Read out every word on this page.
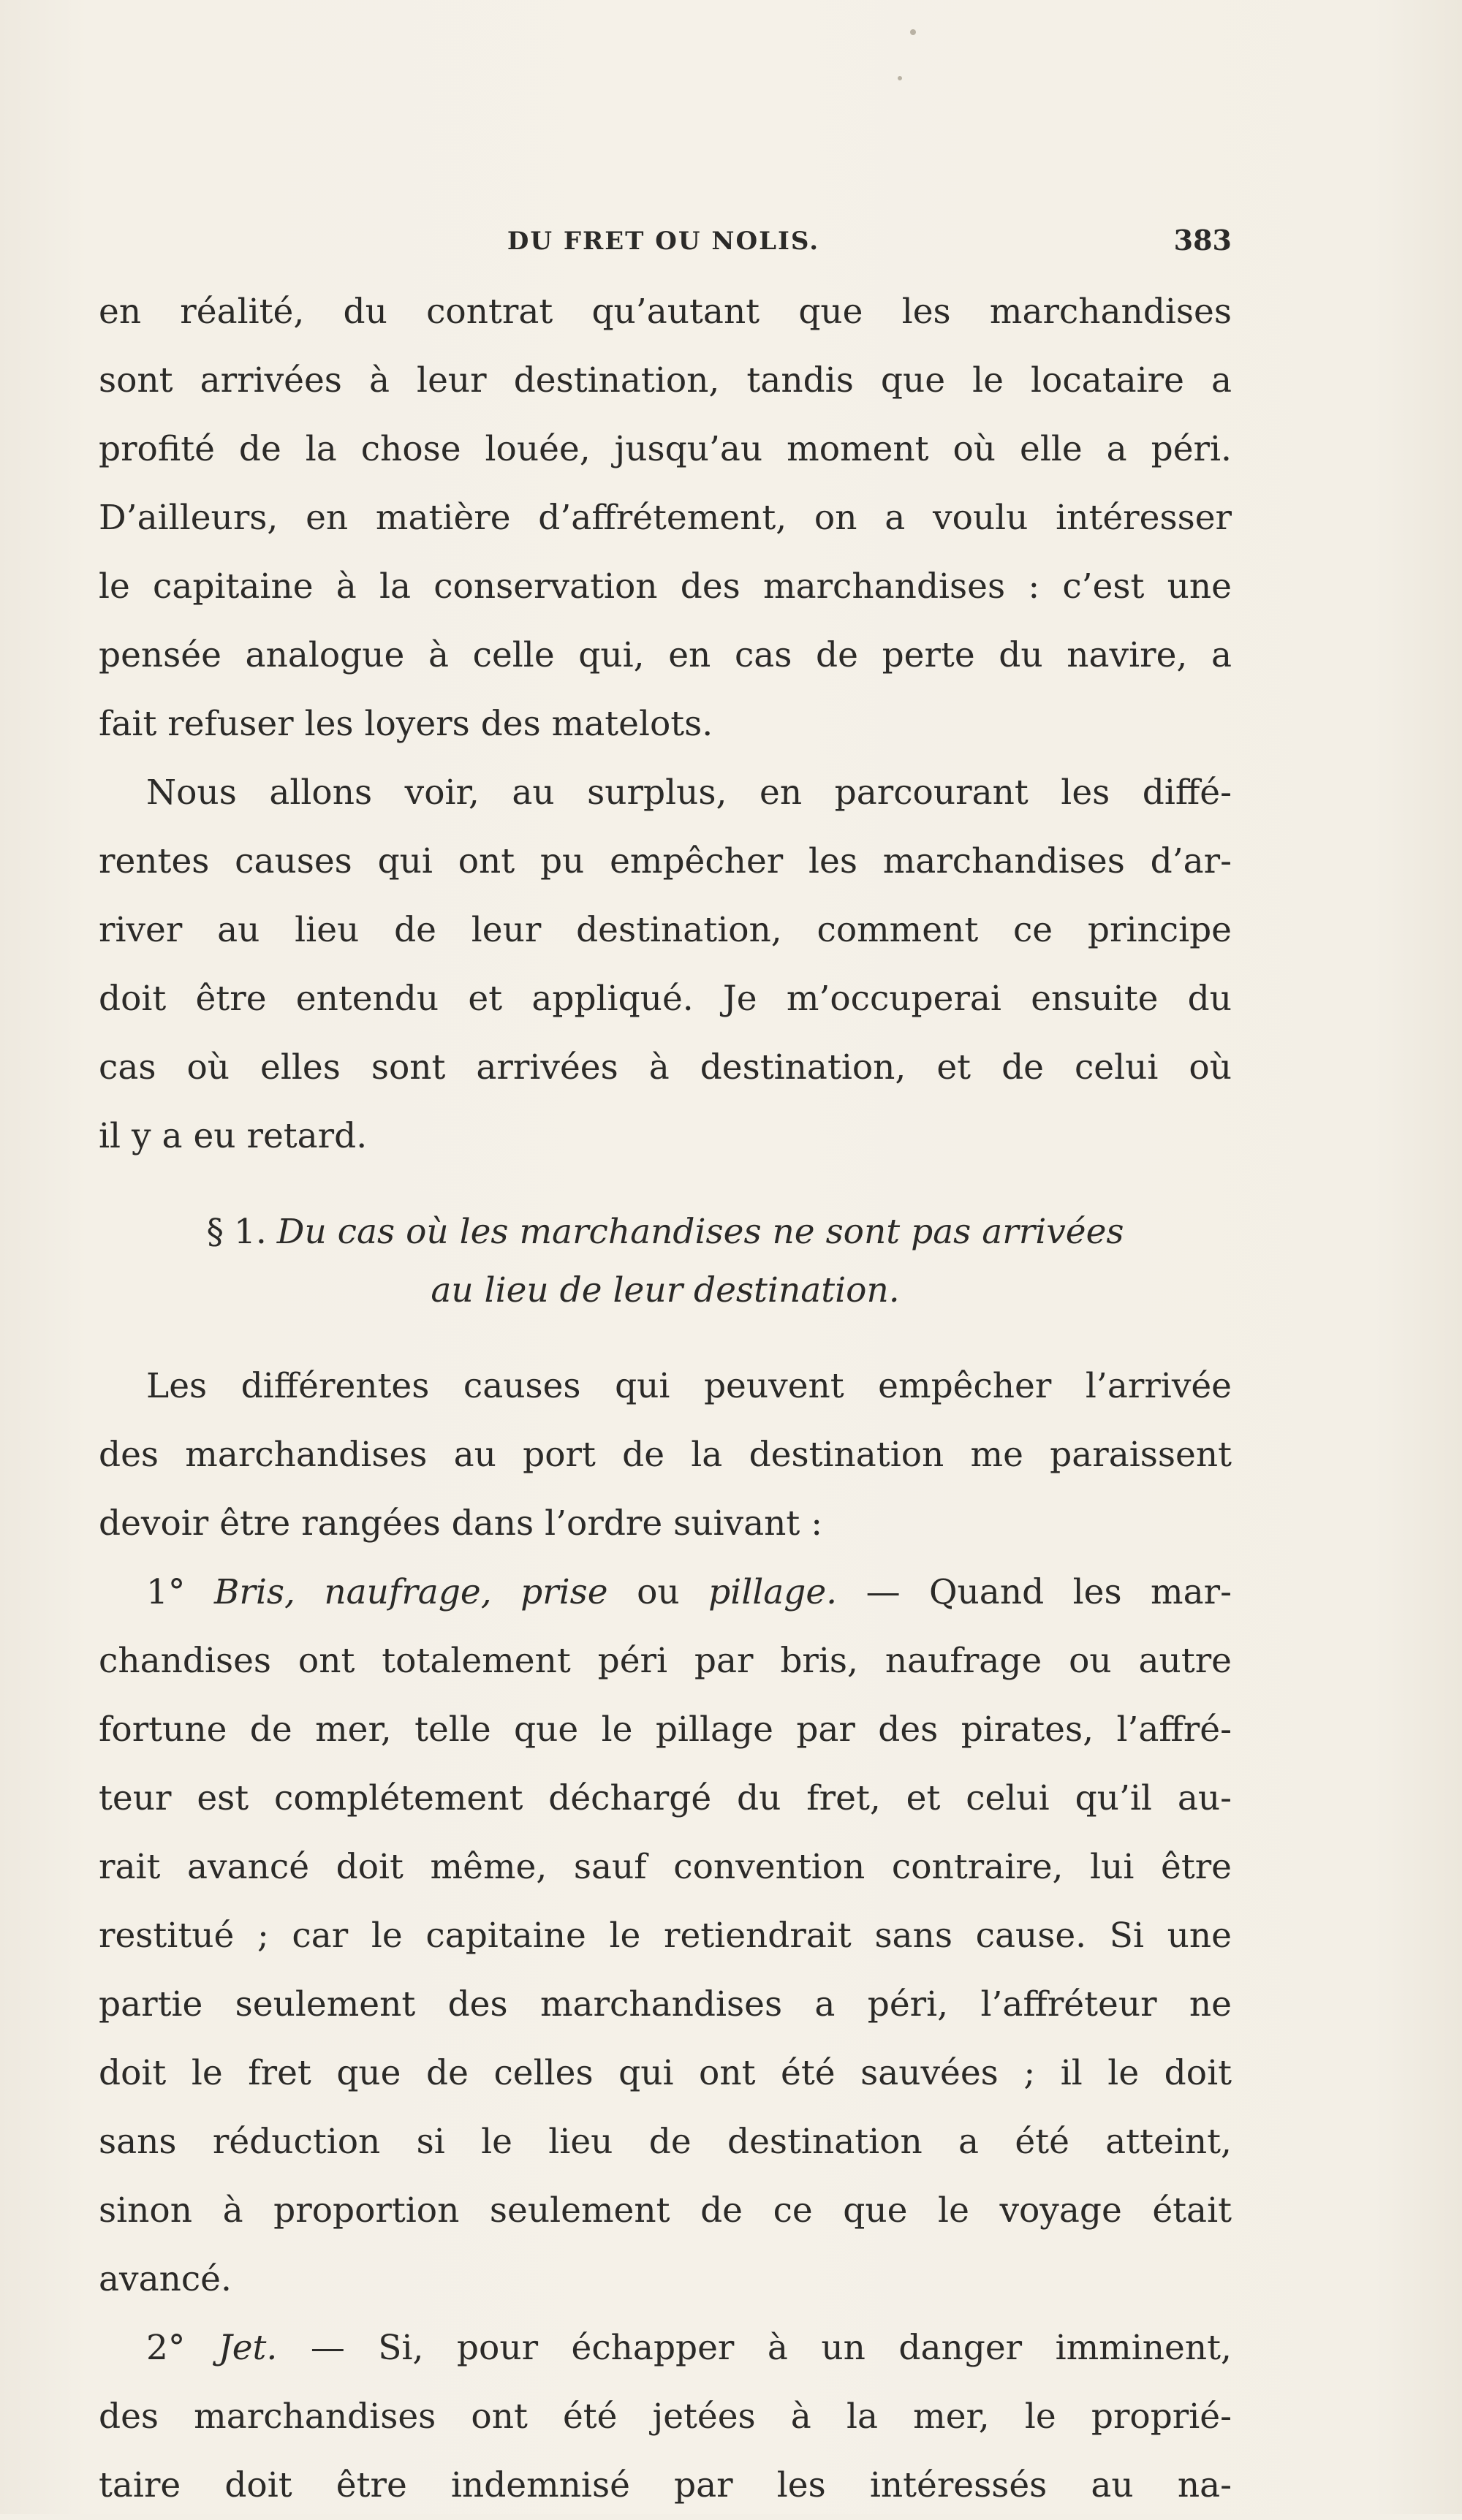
DU FRET OU NOLIS.	383
en réalité, du contrat qu’autant que les marchandises
sont arrivées à leur destination, tandis que le locataire a
profité de la chose louée, jusqu’au moment où elle a péri.
D’ailleurs, en matière d’affrétement, on a voulu intéresser
le capitaine à la conservation des marchandises : c’est une
pensée analogue à celle qui, en cas de perte du navire, a
fait refuser les loyers des matelots.
Nous allons voir, au surplus, en parcourant les diffé-
rentes causes qui ont pu empêcher les marchandises d’ar-
river au lieu de leur destination, comment ce principe
doit être entendu et appliqué. Je m’occuperai ensuite du
cas où elles sont arrivées à destination, et de celui où
il y a eu retard.
§ 1. Du cas où les marchandises ne sont pas arrivées
au lieu de leur destination.
Les différentes causes qui peuvent empêcher l’arrivée
des marchandises au port de la destination me paraissent
devoir être rangées dans l’ordre suivant :
1° Bris, naufrage, prise ou pillage. — Quand les mar-
chandises ont totalement péri par bris, naufrage ou autre
fortune de mer, telle que le pillage par des pirates, l’affré-
teur est complétement déchargé du fret, et celui qu’il au-
rait avancé doit même, sauf convention contraire, lui être
restitué ; car le capitaine le retiendrait sans cause. Si une
partie seulement des marchandises a péri, l’affréteur ne
doit le fret que de celles qui ont été sauvées ; il le doit
sans réduction si le lieu de destination a été atteint,
sinon à proportion seulement de ce que le voyage était
avancé.
2° Jet. — Si, pour échapper à un danger imminent,
des marchandises ont été jetées à la mer, le proprié-
taire doit être indemnisé par les intéressés au na-
